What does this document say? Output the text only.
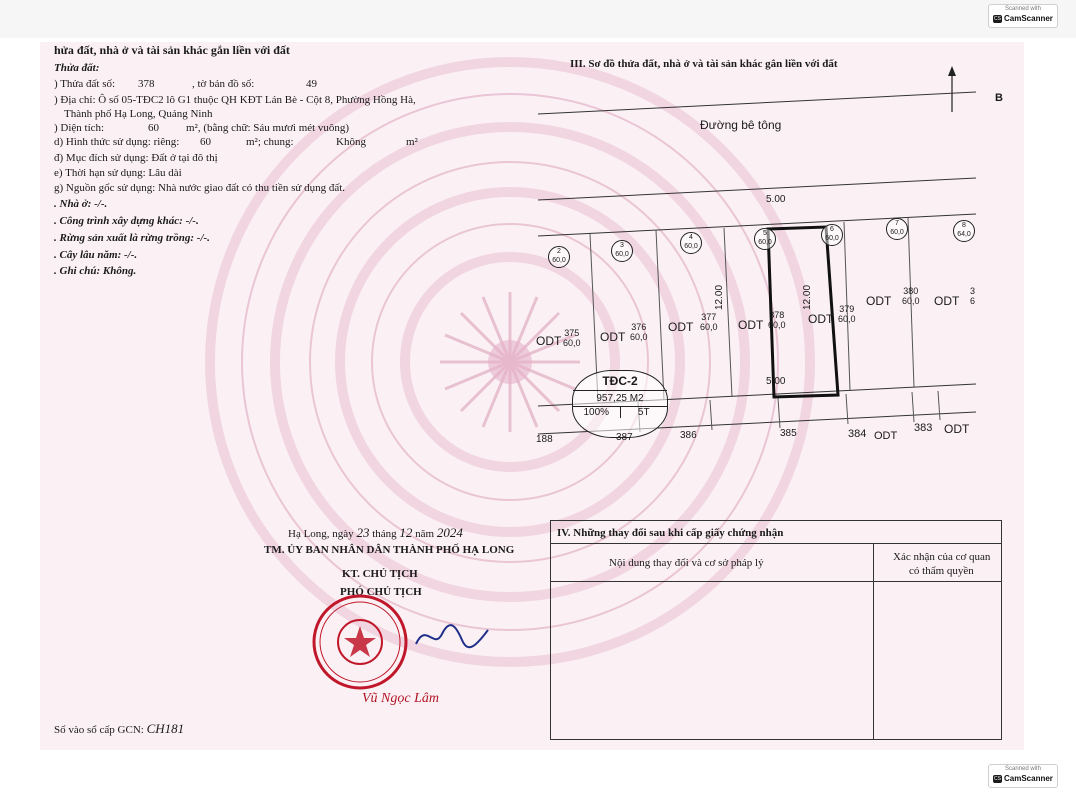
Scanned with
CS CamScanner
hửa đất, nhà ở và tài sản khác gắn liền với đất
Thửa đất:
) Thửa đất số: 378	, tờ bản đồ số:	49
) Địa chỉ: Ô số 05-TĐC2 lô G1 thuộc QH KĐT Lán Bè - Cột 8, Phường Hồng Hà,
Thành phố Hạ Long, Quảng Ninh
) Diện tích:	60 m², (bằng chữ: Sáu mươi mét vuông)
d) Hình thức sử dụng: riêng: 60	m²; chung:	Không	m²
đ) Mục đích sử dụng: Đất ở tại đô thị
e) Thời hạn sử dụng: Lâu dài
g) Nguồn gốc sử dụng: Nhà nước giao đất có thu tiền sử dụng đất.
. Nhà ở: -/-.
. Công trình xây dựng khác: -/-.
. Rừng sản xuất là rừng trồng: -/-.
. Cây lâu năm: -/-.
. Ghi chú: Không.
III. Sơ đồ thửa đất, nhà ở và tài sản khác gắn liền với đất
B
Đường bê tông
5.00
5.00
12.00	12.00
2
60,0
3
60,0
4
60,0
5
60,0
6
60,0
7
60,0
8
64,0
ODT
375
60,0 ODT
376
60,0
ODT
377
60,0 ODT
378
60,0 ODT
379
60,0
ODT
380
60,0 ODT
3
6
TĐC-2
957,25 M2
100%	5T
188	387	386	385	384 ODT
383 ODT
Hạ Long, ngày 23 tháng 12 năm 2024
TM. ỦY BAN NHÂN DÂN THÀNH PHỐ HẠ LONG
KT. CHỦ TỊCH
PHÓ CHỦ TỊCH
Vũ Ngọc Lâm
Số vào sổ cấp GCN: CH181
IV. Những thay đổi sau khi cấp giấy chứng nhận
Nội dung thay đổi và cơ sở pháp lý	Xác nhận của cơ quan
có thẩm quyền
Scanned with
CS CamScanner
